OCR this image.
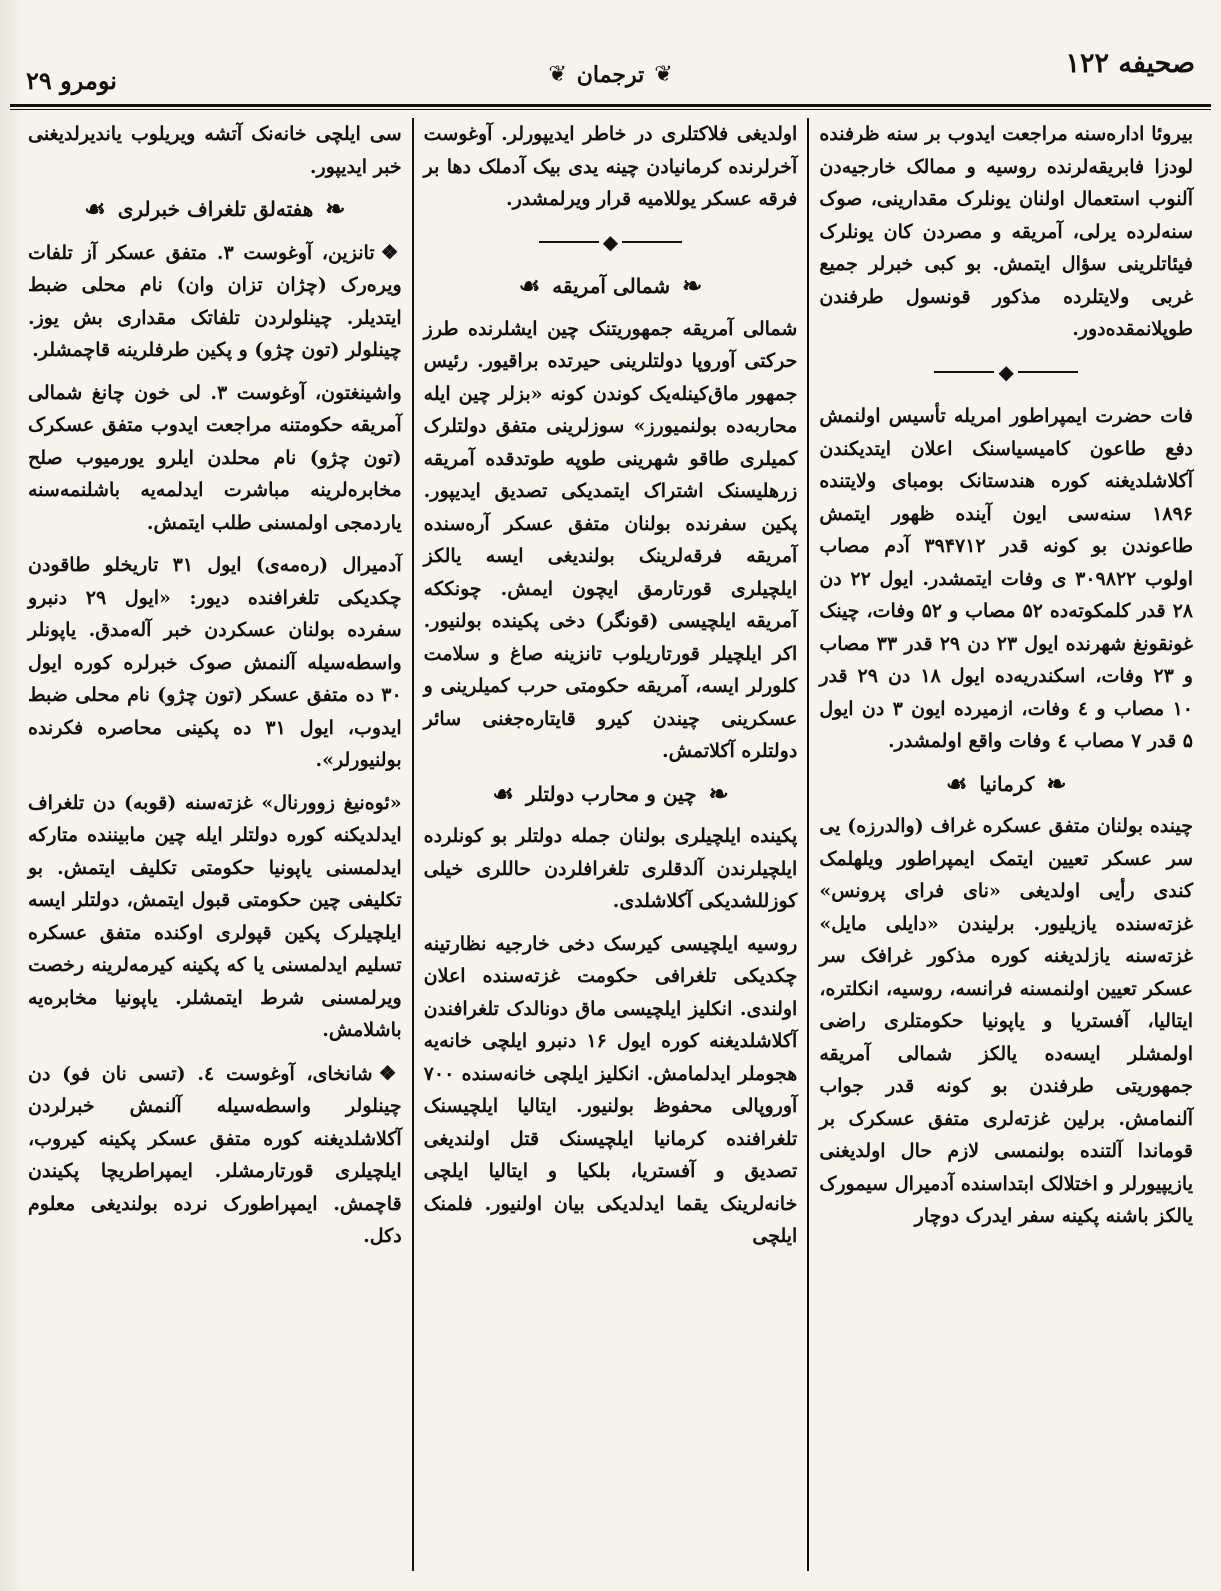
صحیفه ۱۲۲
❦
ترجمان
❦
نومرو ۲۹

بیروئا اداره‌سنه مراجعت ایدوب بر سنه ظرفنده لودزا فابریقه‌لرنده روسیه و ممالک خارجیه‌دن آلنوب استعمال اولنان یونلرک مقدارینی، صوک سنه‌لرده یرلی، آمریقه و مصردن کان یونلرک فیئاتلرینی سؤال ایتمش. بو کبی خبرلر جمیع غربی ولایتلرده مذکور قونسول طرفندن طوپلانمقده‌دور.

◆

فات حضرت ایمپراطور امریله تأسیس اولنمش دفع طاعون کامیسیاسنک اعلان ایتدیکندن آکلاشلدیغنه کوره هندستانک بومبای ولایتنده ۱۸۹۶ سنه‌سی ایون آینده ظهور ایتمش طاعوندن بو کونه قدر ۳۹۴۷۱۲ آدم مصاب اولوب ۳۰۹۸۲۲ ی وفات ایتمشدر. ایول ۲۲ دن ۲۸ قدر کلمکوته‌ده ۵۲ مصاب و ۵۲ وفات، چینک غونقونغ شهرنده ایول ۲۳ دن ۲۹ قدر ۳۳ مصاب و ۲۳ وفات، اسکندریه‌ده ایول ۱۸ دن ۲۹ قدر ۱۰ مصاب و ٤ وفات، ازمیرده ایون ۳ دن ایول ۵ قدر ۷ مصاب ٤ وفات واقع اولمشدر.

❧
کرمانیا
☙

چینده بولنان متفق عسکره غراف (والدرزه) یی سر عسکر تعیین ایتمک ایمپراطور ویلهلمک کندی رأیی اولدیغی «نای فرای پرونس» غزته‌سنده یازیلیور. برلیندن «دایلی مایل» غزته‌سنه یازلدیغنه کوره مذکور غرافک سر عسکر تعیین اولنمسنه فرانسه، روسیه، انکلتره، ایتالیا، آفستریا و یاپونیا حکومتلری راضی اولمشلر ایسه‌ده یالکز شمالی آمریقه جمهوریتی طرفندن بو کونه قدر جواب آلنمامش. برلین غزته‌لری متفق عسکرک بر قوماندا آلتنده بولنمسی لازم حال اولدیغنی یازیپیورلر و اختلالک ابتداسنده آدمیرال سیمورک یالکز باشنه پکینه سفر ایدرک دوچار

اولدیغی فلاکتلری در خاطر ایدیپورلر. آوغوست آخرلرنده کرمانیادن چینه یدی بیک آدملک دها بر فرقه عسکر یوللامیه قرار ویرلمشدر.

◆
❧
شمالی آمریقه
☙

شمالی آمریقه جمهوریتنک چین ایشلرنده طرز حرکتی آوروپا دولتلرینی حیرتده براقیور. رئیس جمهور ماق‌کینله‌یک کوندن کونه «بزلر چین ایله محاربه‌ده بولنمیورز» سوزلرینی متفق دولتلرک کمیلری طاقو شهرینی طوپه طوتدقده آمریقه زرهلیسنک اشتراک ایتمدیکی تصدیق ایدیپور. پکین سفرنده بولنان متفق عسکر آره‌سنده آمریقه فرقه‌لرینک بولندیغی ایسه یالکز ایلچیلری قورتارمق ایچون ایمش. چونککه آمریقه ایلچیسی (قونگر) دخی پکینده بولنیور. اکر ایلچیلر قورتاریلوب تانزینه صاغ و سلامت کلورلر ایسه، آمریقه حکومتی حرب کمیلرینی و عسکرینی چیندن کیرو قایتاره‌جغنی سائر دولتلره آکلاتمش.

❧
چین و محارب دولتلر
☙

پکینده ایلچیلری بولنان جمله دولتلر بو کونلرده ایلچیلرندن آلدقلری تلغرافلردن حاللری خیلی کوزللشدیکی آکلاشلدی.

روسیه ایلچیسی کیرسک دخی خارجیه نظارتینه چکدیکی تلغرافی حکومت غزته‌سنده اعلان اولندی. انکلیز ایلچیسی ماق دونالدک تلغرافندن آکلاشلدیغنه کوره ایول ۱۶ دنبرو ایلچی خانه‌یه هجوملر ایدلمامش. انکلیز ایلچی خانه‌سنده ۷۰۰ آوروپالی محفوظ بولنیور. ایتالیا ایلچیسنک تلغرافنده کرمانیا ایلچیسنک قتل اولندیغی تصدیق و آفستریا، بلکیا و ایتالیا ایلچی خانه‌لرینک یقما ایدلدیکی بیان اولنیور. فلمنک ایلچی

سی ایلچی خانه‌نک آتشه ویریلوب یاندیرلدیغنی خبر ایدیپور.

❧
هفته‌لق تلغراف خبرلری
☙

❖تانزین، آوغوست ۳. متفق عسکر آز تلفات ویره‌رک (چژان تزان وان) نام محلی ضبط ایتدیلر. چینلولردن تلفاتک مقداری بش یوز. چینلولر (تون چژو) و پکین طرفلرینه قاچمشلر.

واشینغتون، آوغوست ۳. لی خون چانغ شمالی آمریقه حکومتنه مراجعت ایدوب متفق عسکرک (تون چژو) نام محلدن ایلرو یورمیوب صلح مخابره‌لرینه مباشرت ایدلمه‌یه باشلنمه‌سنه یاردمجی اولمسنی طلب ایتمش.

آدمیرال (رەمەی) ایول ۳۱ تاریخلو طاقودن چکدیکی تلغرافنده دیور: «ایول ۲۹ دنبرو سفرده بولنان عسکردن خبر آلەمدق. یاپونلر واسطه‌سیله آلنمش صوک خبرلره کوره ایول ۳۰ ده متفق عسکر (تون چژو) نام محلی ضبط ایدوب، ایول ۳۱ ده پکینی محاصره فکرنده بولنیورلر».

«ئوەنیغ زوورنال» غزته‌سنه (قوبه) دن تلغراف ایدلدیکنه کوره دولتلر ایله چین مابیننده متارکه ایدلمسنی یاپونیا حکومتی تکلیف ایتمش. بو تکلیفی چین حکومتی قبول ایتمش، دولتلر ایسه ایلچیلرک پکین قپولری اوکنده متفق عسکره تسلیم ایدلمسنی یا که پکینه کیرمه‌لرینه رخصت ویرلمسنی شرط ایتمشلر. یاپونیا مخابره‌یه باشلامش.

❖شانخای، آوغوست ٤. (تسی نان فو) دن چینلولر واسطه‌سیله آلنمش خبرلردن آکلاشلدیغنه کوره متفق عسکر پکینه کیروب، ایلچیلری قورتارمشلر. ایمپراطریچا پکیندن قاچمش. ایمپراطورک نرده بولندیغی معلوم دکل.
